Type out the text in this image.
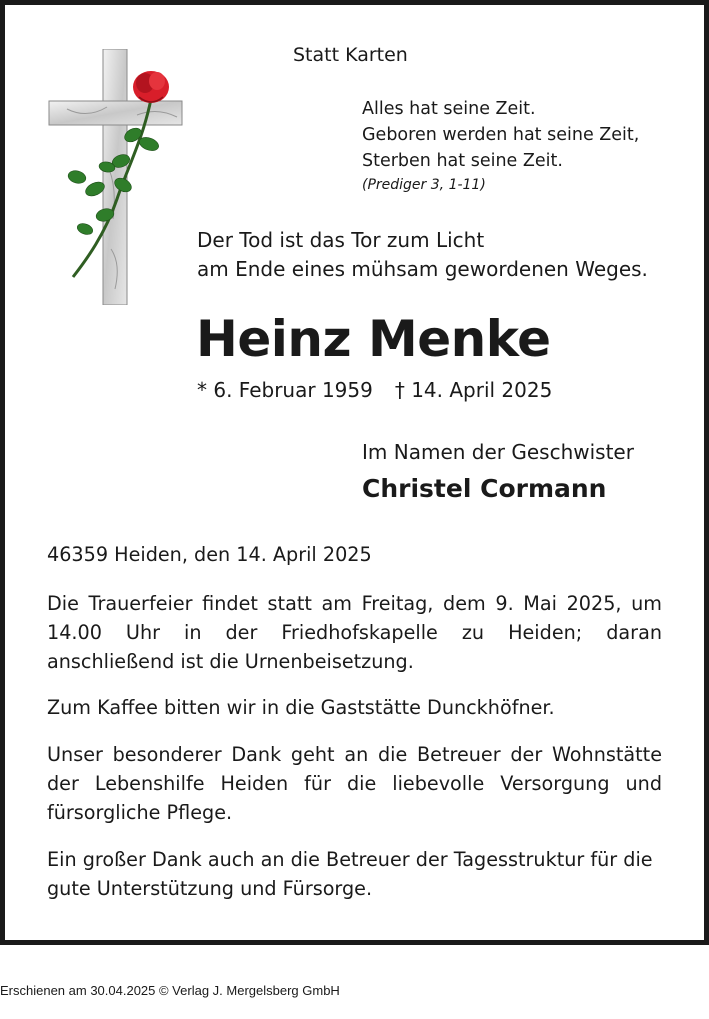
Statt Karten
Alles hat seine Zeit.
Geboren werden hat seine Zeit,
Sterben hat seine Zeit.
(Prediger 3, 1-11)
Der Tod ist das Tor zum Licht
am Ende eines mühsam gewordenen Weges.
Heinz Menke
* 6. Februar 1959 † 14. April 2025
Im Namen der Geschwister
Christel Cormann
46359 Heiden, den 14. April 2025
Die Trauerfeier findet statt am Freitag, dem 9. Mai 2025, um 14.00 Uhr in der Friedhofskapelle zu Heiden; daran anschließend ist die Urnenbeisetzung.
Zum Kaffee bitten wir in die Gaststätte Dunckhöfner.
Unser besonderer Dank geht an die Betreuer der Wohnstätte der Lebenshilfe Heiden für die liebevolle Versorgung und fürsorgliche Pflege.
Ein großer Dank auch an die Betreuer der Tagesstruktur für die gute Unterstützung und Fürsorge.
Erschienen am 30.04.2025 © Verlag J. Mergelsberg GmbH
